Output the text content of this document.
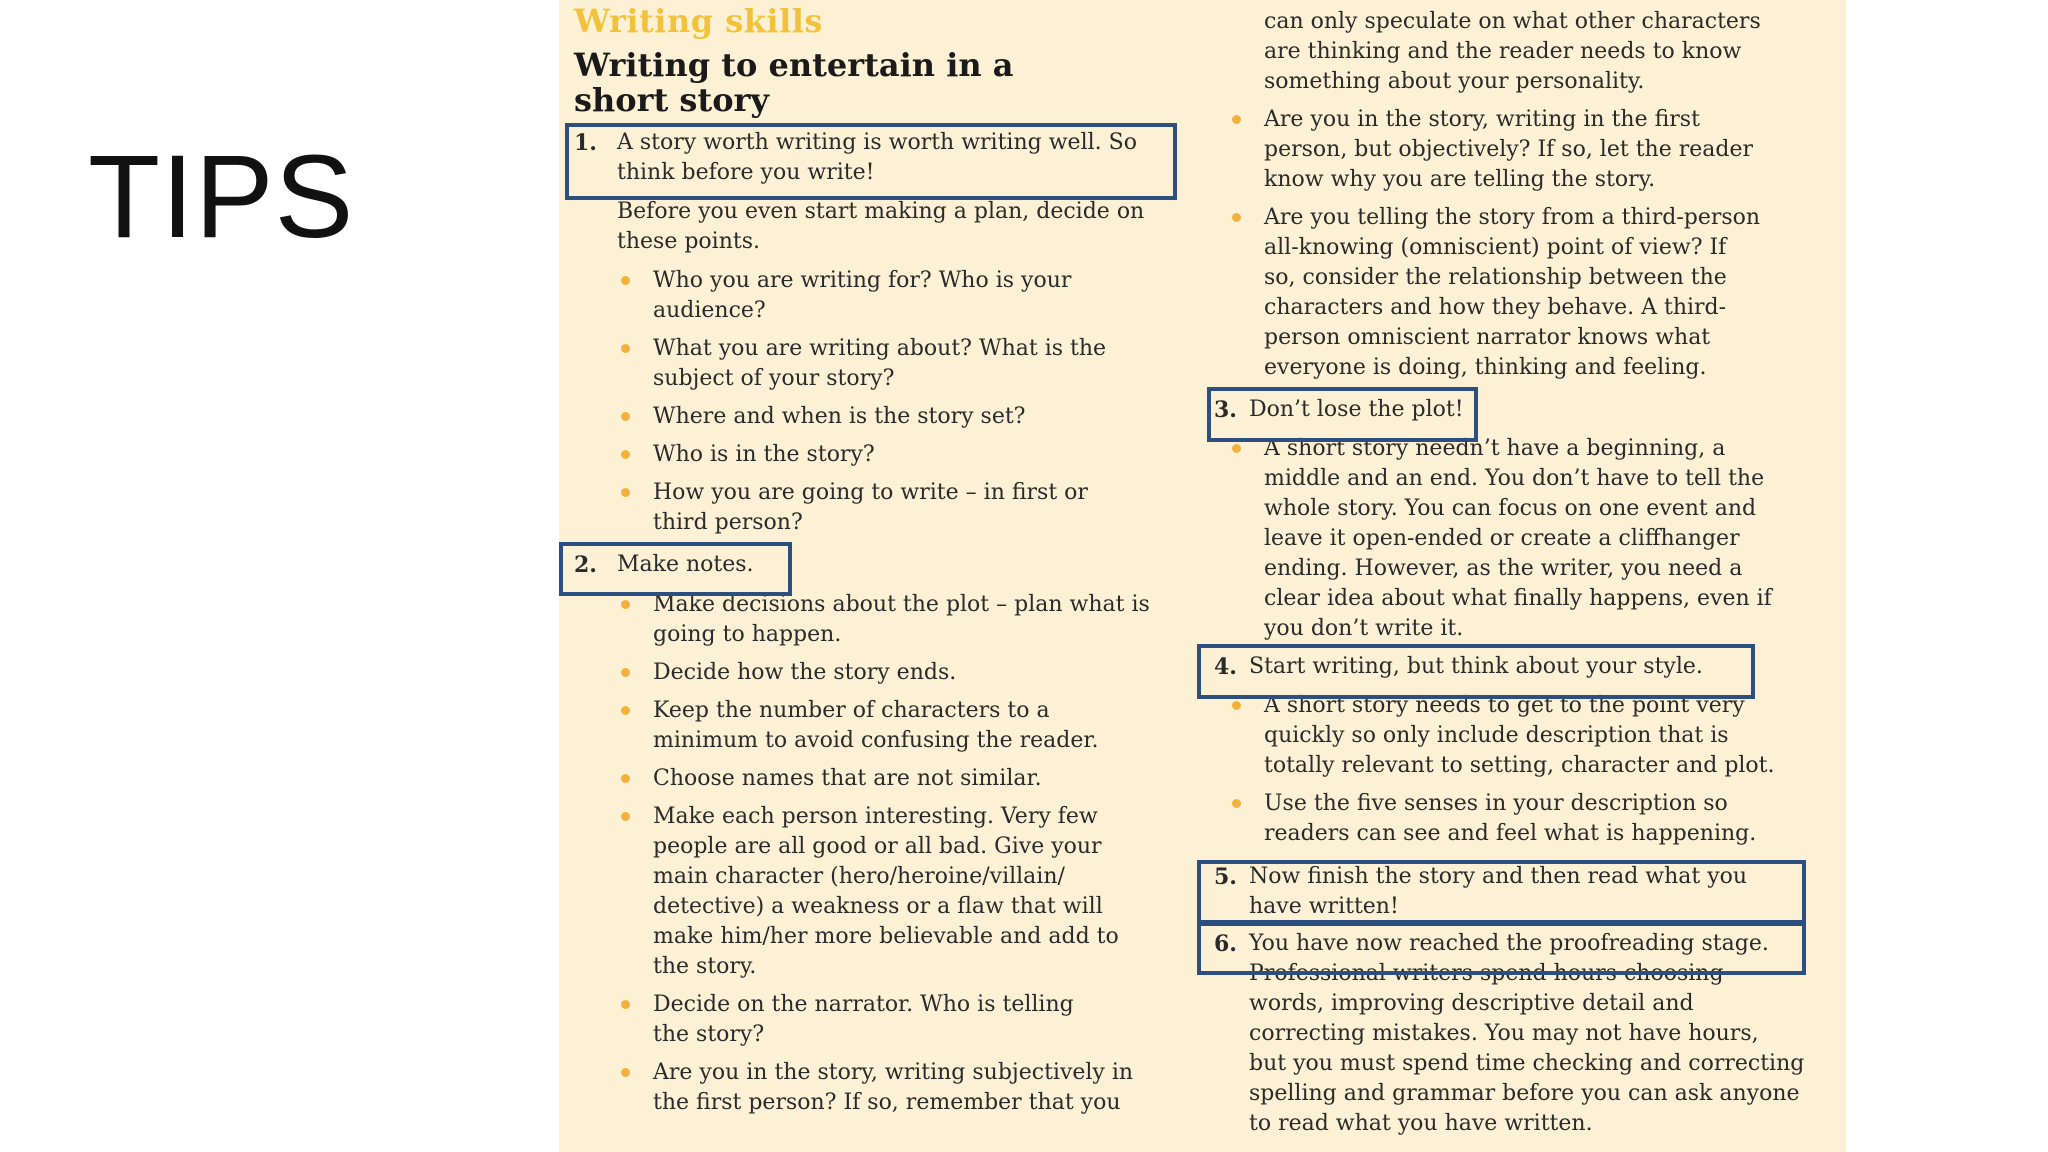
TIPS
Writing skills
Writing to entertain in a
short story
1. A story worth writing is worth writing well. So
think before you write!
Before you even start making a plan, decide on
these points.
Who you are writing for? Who is your
audience?
What you are writing about? What is the
subject of your story?
Where and when is the story set?
Who is in the story?
How you are going to write – in first or
third person?
2. Make notes.
Make decisions about the plot – plan what is
going to happen.
Decide how the story ends.
Keep the number of characters to a
minimum to avoid confusing the reader.
Choose names that are not similar.
Make each person interesting. Very few
people are all good or all bad. Give your
main character (hero/heroine/villain/
detective) a weakness or a flaw that will
make him/her more believable and add to
the story.
Decide on the narrator. Who is telling
the story?
Are you in the story, writing subjectively in
the first person? If so, remember that you
can only speculate on what other characters
are thinking and the reader needs to know
something about your personality.
Are you in the story, writing in the first
person, but objectively? If so, let the reader
know why you are telling the story.
Are you telling the story from a third-person
all-knowing (omniscient) point of view? If
so, consider the relationship between the
characters and how they behave. A third-
person omniscient narrator knows what
everyone is doing, thinking and feeling.
3. Don’t lose the plot!
A short story needn’t have a beginning, a
middle and an end. You don’t have to tell the
whole story. You can focus on one event and
leave it open-ended or create a cliffhanger
ending. However, as the writer, you need a
clear idea about what finally happens, even if
you don’t write it.
4. Start writing, but think about your style.
A short story needs to get to the point very
quickly so only include description that is
totally relevant to setting, character and plot.
Use the five senses in your description so
readers can see and feel what is happening.
5. Now finish the story and then read what you
have written!
6. You have now reached the proofreading stage.
Professional writers spend hours choosing
words, improving descriptive detail and
correcting mistakes. You may not have hours,
but you must spend time checking and correcting
spelling and grammar before you can ask anyone
to read what you have written.
